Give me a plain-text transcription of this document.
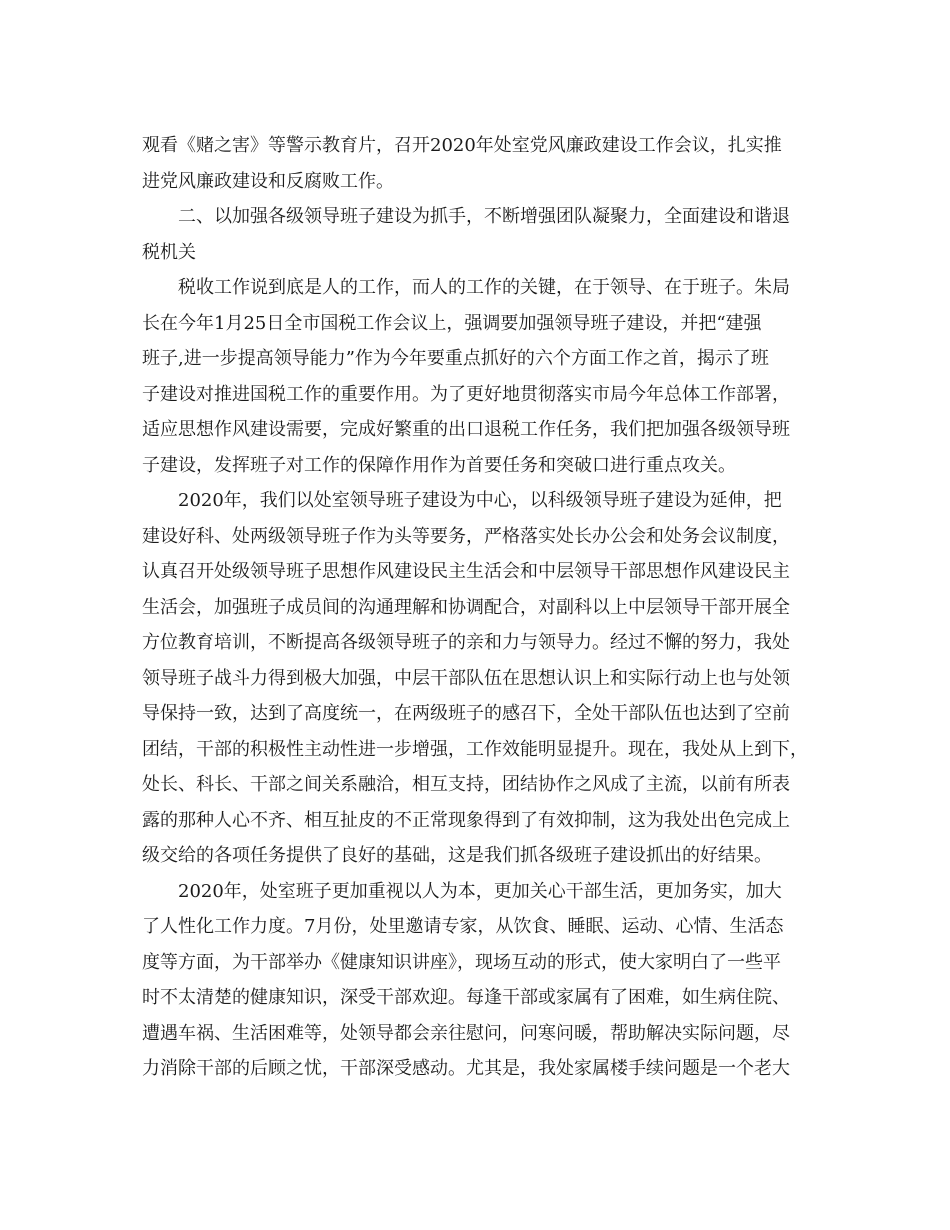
观看《赌之害》等警示教育片，召开2020年处室党风廉政建设工作会议，扎实推
进党风廉政建设和反腐败工作。

二、以加强各级领导班子建设为抓手，不断增强团队凝聚力，全面建设和谐退
税机关

税收工作说到底是人的工作，而人的工作的关键，在于领导、在于班子。朱局
长在今年1月25日全市国税工作会议上，强调要加强领导班子建设，并把“建强
班子,进一步提高领导能力”作为今年要重点抓好的六个方面工作之首，揭示了班
子建设对推进国税工作的重要作用。为了更好地贯彻落实市局今年总体工作部署，
适应思想作风建设需要，完成好繁重的出口退税工作任务，我们把加强各级领导班
子建设，发挥班子对工作的保障作用作为首要任务和突破口进行重点攻关。

2020年，我们以处室领导班子建设为中心，以科级领导班子建设为延伸，把
建设好科、处两级领导班子作为头等要务，严格落实处长办公会和处务会议制度，
认真召开处级领导班子思想作风建设民主生活会和中层领导干部思想作风建设民主
生活会，加强班子成员间的沟通理解和协调配合，对副科以上中层领导干部开展全
方位教育培训，不断提高各级领导班子的亲和力与领导力。经过不懈的努力，我处
领导班子战斗力得到极大加强，中层干部队伍在思想认识上和实际行动上也与处领
导保持一致，达到了高度统一，在两级班子的感召下，全处干部队伍也达到了空前
团结，干部的积极性主动性进一步增强，工作效能明显提升。现在，我处从上到下，
处长、科长、干部之间关系融洽，相互支持，团结协作之风成了主流，以前有所表
露的那种人心不齐、相互扯皮的不正常现象得到了有效抑制，这为我处出色完成上
级交给的各项任务提供了良好的基础，这是我们抓各级班子建设抓出的好结果。

2020年，处室班子更加重视以人为本，更加关心干部生活，更加务实，加大
了人性化工作力度。7月份，处里邀请专家，从饮食、睡眠、运动、心情、生活态
度等方面，为干部举办《健康知识讲座》，现场互动的形式，使大家明白了一些平
时不太清楚的健康知识，深受干部欢迎。每逢干部或家属有了困难，如生病住院、
遭遇车祸、生活困难等，处领导都会亲往慰问，问寒问暖，帮助解决实际问题，尽
力消除干部的后顾之忧，干部深受感动。尤其是，我处家属楼手续问题是一个老大
